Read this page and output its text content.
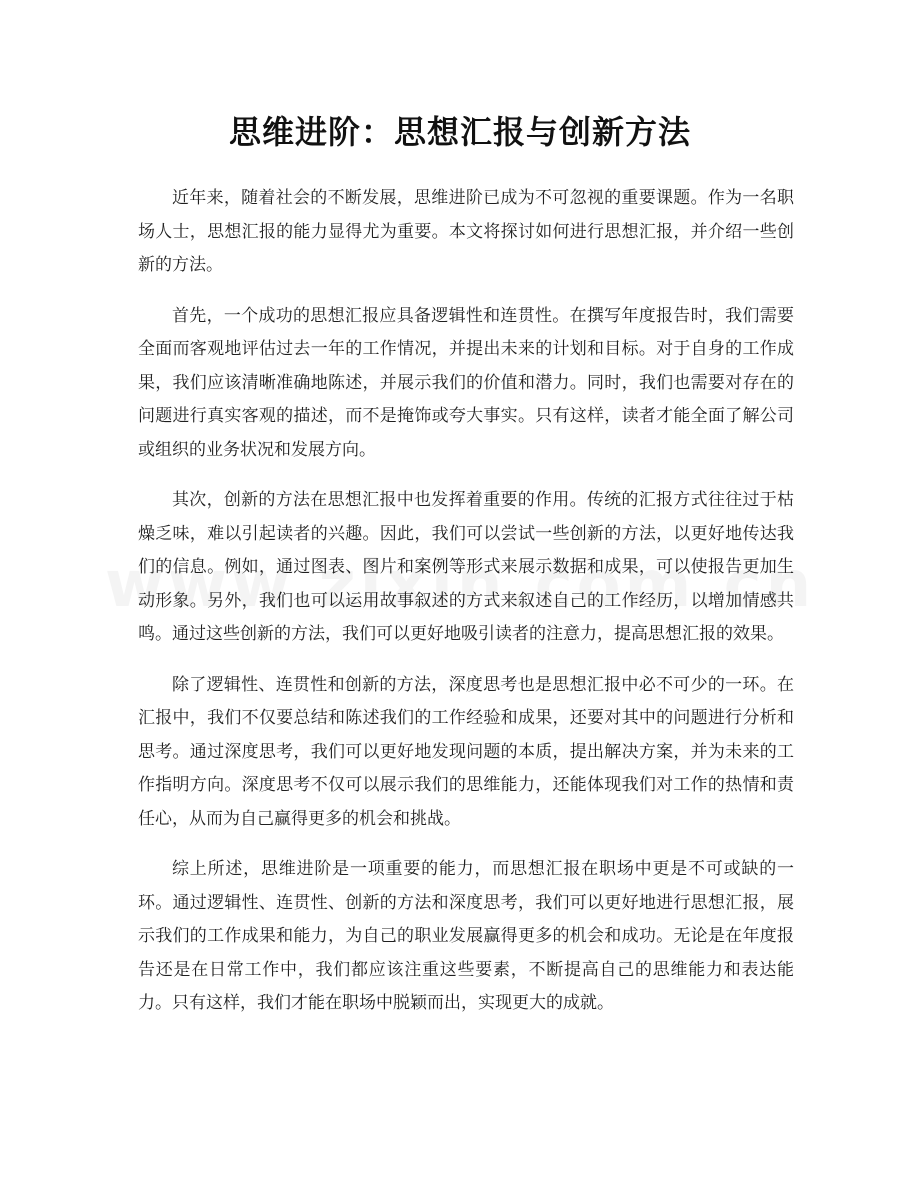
思维进阶：思想汇报与创新方法

近年来，随着社会的不断发展，思维进阶已成为不可忽视的重要课题。作为一名职场人士，思想汇报的能力显得尤为重要。本文将探讨如何进行思想汇报，并介绍一些创新的方法。

首先，一个成功的思想汇报应具备逻辑性和连贯性。在撰写年度报告时，我们需要全面而客观地评估过去一年的工作情况，并提出未来的计划和目标。对于自身的工作成果，我们应该清晰准确地陈述，并展示我们的价值和潜力。同时，我们也需要对存在的问题进行真实客观的描述，而不是掩饰或夸大事实。只有这样，读者才能全面了解公司或组织的业务状况和发展方向。

其次，创新的方法在思想汇报中也发挥着重要的作用。传统的汇报方式往往过于枯燥乏味，难以引起读者的兴趣。因此，我们可以尝试一些创新的方法，以更好地传达我们的信息。例如，通过图表、图片和案例等形式来展示数据和成果，可以使报告更加生动形象。另外，我们也可以运用故事叙述的方式来叙述自己的工作经历，以增加情感共鸣。通过这些创新的方法，我们可以更好地吸引读者的注意力，提高思想汇报的效果。

除了逻辑性、连贯性和创新的方法，深度思考也是思想汇报中必不可少的一环。在汇报中，我们不仅要总结和陈述我们的工作经验和成果，还要对其中的问题进行分析和思考。通过深度思考，我们可以更好地发现问题的本质，提出解决方案，并为未来的工作指明方向。深度思考不仅可以展示我们的思维能力，还能体现我们对工作的热情和责任心，从而为自己赢得更多的机会和挑战。

综上所述，思维进阶是一项重要的能力，而思想汇报在职场中更是不可或缺的一环。通过逻辑性、连贯性、创新的方法和深度思考，我们可以更好地进行思想汇报，展示我们的工作成果和能力，为自己的职业发展赢得更多的机会和成功。无论是在年度报告还是在日常工作中，我们都应该注重这些要素，不断提高自己的思维能力和表达能力。只有这样，我们才能在职场中脱颖而出，实现更大的成就。
